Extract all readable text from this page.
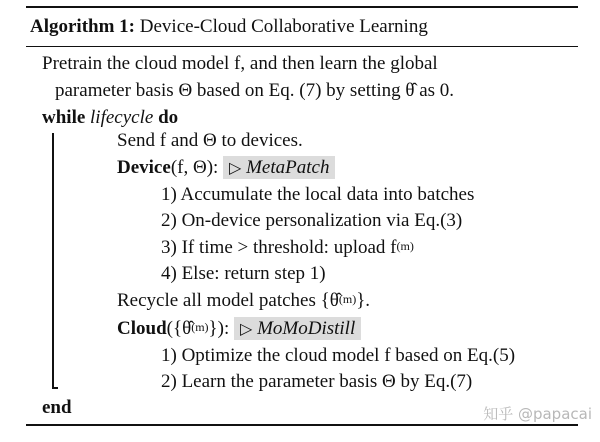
Algorithm 1: Device-Cloud Collaborative Learning
Pretrain the cloud model f, and then learn the global
parameter basis Θ based on Eq. (7) by setting θ̂ as 0.
while lifecycle do
Send f and Θ to devices.
Device(f, Θ): ▷ MetaPatch
1) Accumulate the local data into batches
2) On-device personalization via Eq.(3)
3) If time > threshold: upload $f^{(m)}$
4) Else: return step 1)
Recycle all model patches {θ̂$^{(m)}$}.
Cloud({θ̂$^{(m)}$}): ▷ MoMoDistill
1) Optimize the cloud model f based on Eq.(5)
2) Learn the parameter basis Θ by Eq.(7)
end	知乎 @papacai
